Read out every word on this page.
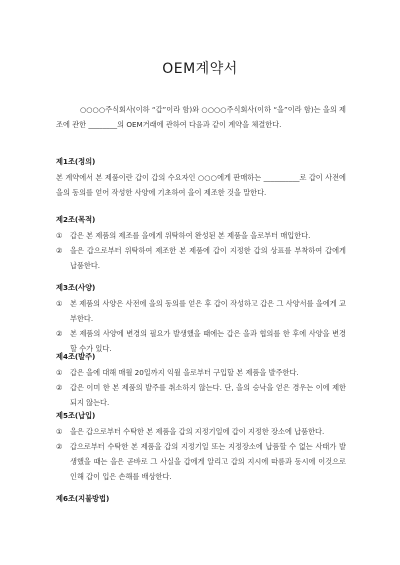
OEM계약서
○○○○주식회사(이하 “갑”이라 함)와 ○○○○주식회사(이하 “을”이라 함)는 을의 제조에 관한 ________의 OEM거래에 관하여 다음과 같이 계약을 체결한다.
제1조(정의)
본 계약에서 본 제품이란 갑이 갑의 수요자인 ○○○에게 판매하는 __________로 갑이 사전에 을의 동의를 얻어 작성한 사양에 기초하여 을이 제조한 것을 말한다.
제2조(목적)
① 갑은 본 제품의 제조를 을에게 위탁하여 완성된 본 제품을 을로부터 매입한다.
② 을은 갑으로부터 위탁하여 제조한 본 제품에 갑이 지정한 갑의 상표를 부착하여 갑에게 납품한다.
제3조(사양)
① 본 제품의 사양은 사전에 을의 동의를 얻은 후 갑이 작성하고 갑은 그 사양서를 을에게 교부한다.
② 본 제품의 사양에 변경의 필요가 발생했을 때에는 갑은 을과 협의를 한 후에 사양을 변경할 수가 있다.
제4조(발주)
① 갑은 을에 대해 매월 20일까지 익월 을로부터 구입할 본 제품을 발주한다.
② 갑은 이미 한 본 제품의 발주를 취소하지 않는다. 단, 을의 승낙을 얻은 경우는 이에 제한되지 않는다.
제5조(납입)
① 을은 갑으로부터 수탁한 본 제품을 갑의 지정기일에 갑이 지정한 장소에 납품한다.
② 갑으로부터 수탁한 본 제품을 갑의 지정기일 또는 지정장소에 납품할 수 없는 사태가 발생했을 때는 을은 곧바로 그 사실을 갑에게 알리고 갑의 지시에 따름과 동시에 이것으로 인해 갑이 입은 손해를 배상한다.
제6조(지불방법)
